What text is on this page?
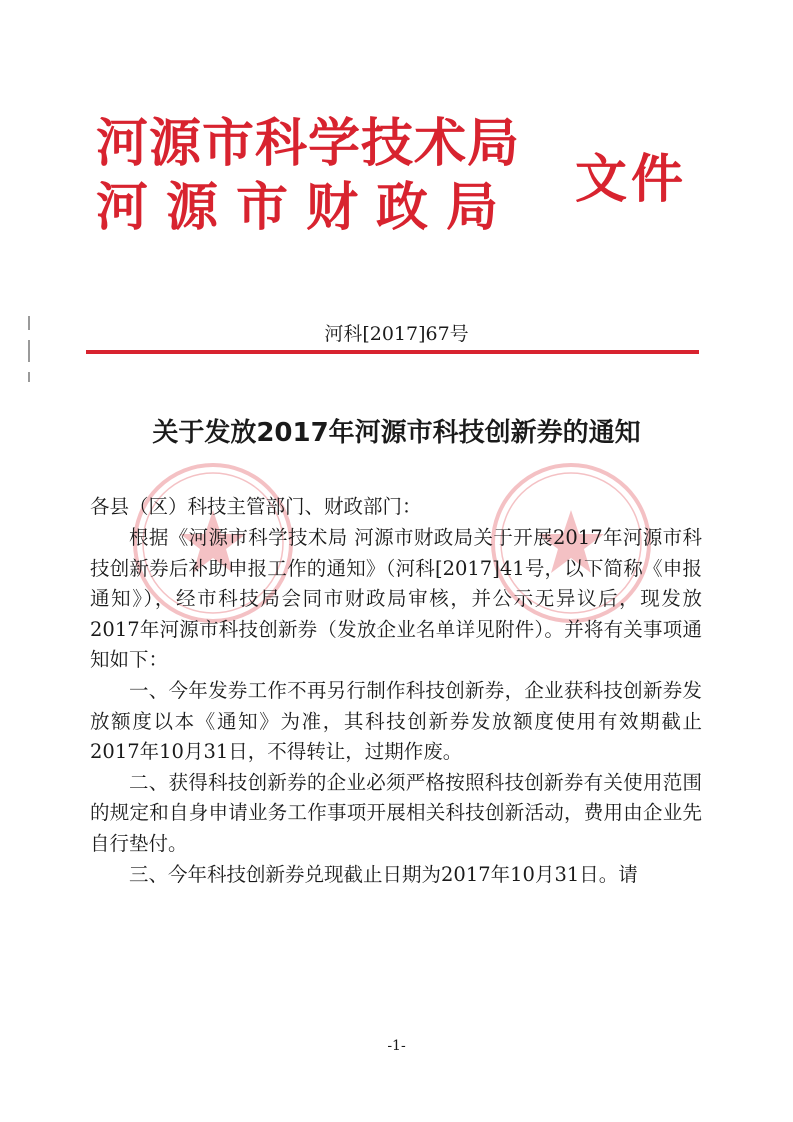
河源市科学技术局
河源市财政局	文件
河科[2017]67号
关于发放2017年河源市科技创新券的通知

各县（区）科技主管部门、财政部门：

根据《河源市科学技术局 河源市财政局关于开展2017年河源市科技创新券后补助申报工作的通知》（河科[2017]41号，以下简称《申报通知》），经市科技局会同市财政局审核，并公示无异议后，现发放2017年河源市科技创新券（发放企业名单详见附件）。并将有关事项通知如下：

一、今年发券工作不再另行制作科技创新券，企业获科技创新券发放额度以本《通知》为准，其科技创新券发放额度使用有效期截止2017年10月31日，不得转让，过期作废。

二、获得科技创新券的企业必须严格按照科技创新券有关使用范围的规定和自身申请业务工作事项开展相关科技创新活动，费用由企业先自行垫付。

三、今年科技创新券兑现截止日期为2017年10月31日。请

-1-
